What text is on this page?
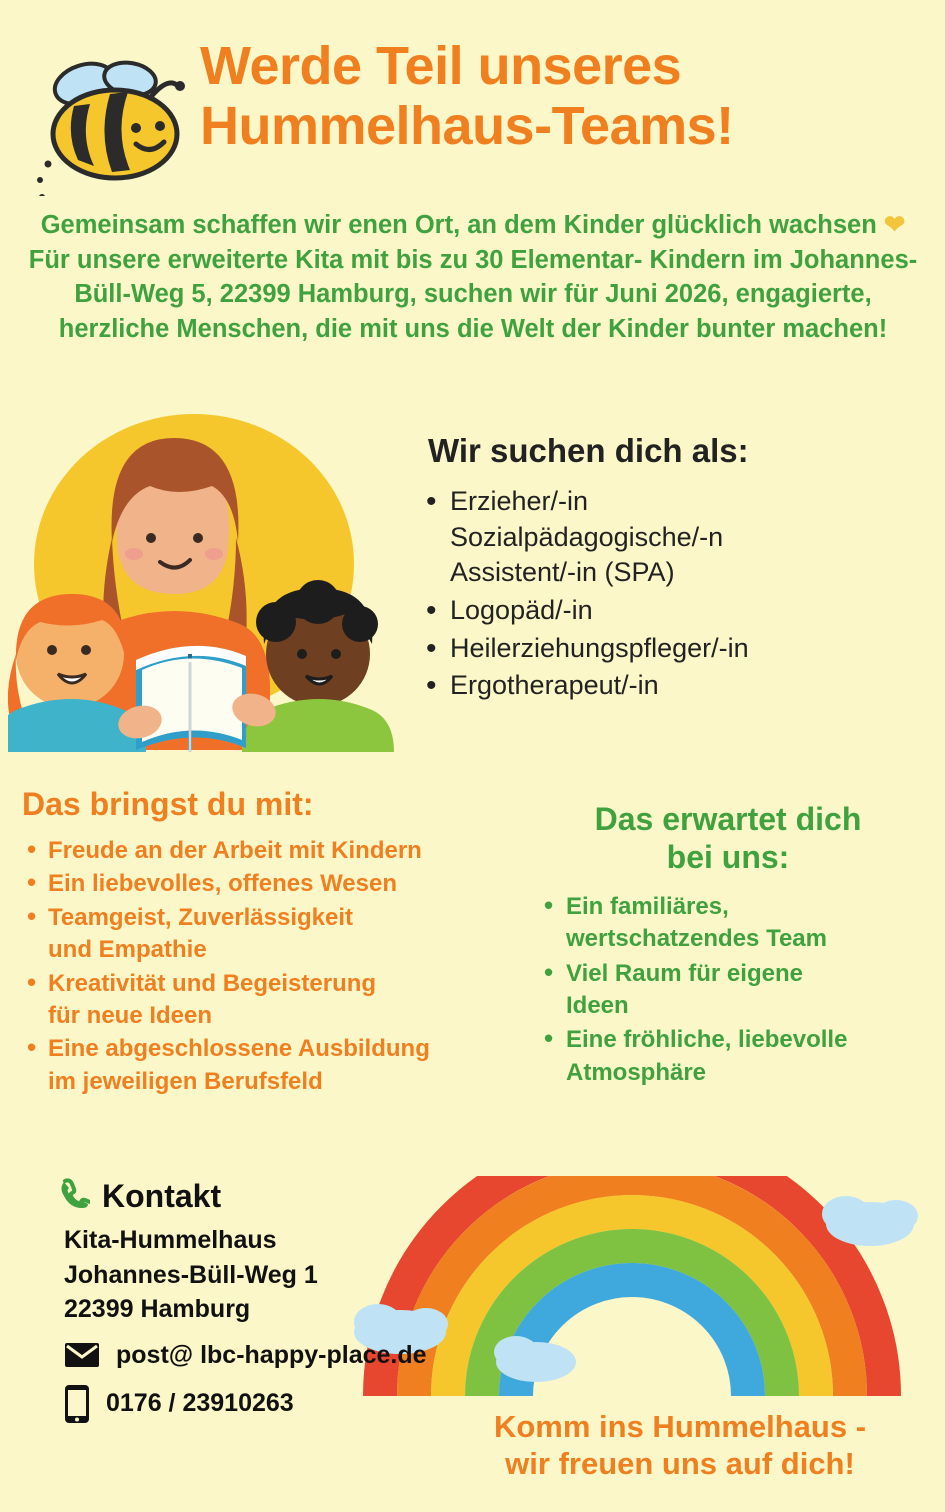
Werde Teil unseres
Hummelhaus-Teams!

Gemeinsam schaffen wir enen Ort, an dem Kinder glücklich wachsen ❤ Für unsere erweiterte Kita mit bis zu 30 Elementar- Kindern im Johannes-Büll-Weg 5, 22399 Hamburg, suchen wir für Juni 2026, engagierte, herzliche Menschen, die mit uns die Welt der Kinder bunter machen!

Wir suchen dich als:
• Erzieher/-in
Sozialpädagogische/-n
Assistent/-in (SPA)
• Logopäd/-in
• Heilerziehungspfleger/-in
• Ergotherapeut/-in
Das bringst du mit:
• Freude an der Arbeit mit Kindern
• Ein liebevolles, offenes Wesen
• Teamgeist, Zuverlässigkeit
und Empathie
• Kreativität und Begeisterung
für neue Ideen
• Eine abgeschlossene Ausbildung
im jeweiligen Berufsfeld
Das erwartet dich
bei uns:
• Ein familiäres,
wertschatzendes Team
• Viel Raum für eigene
Ideen
• Eine fröhliche, liebevolle
Atmosphäre
Kontakt
Kita-Hummelhaus
Johannes-Büll-Weg 1
22399 Hamburg
post@ lbc-happy-place.de
0176 / 23910263
Komm ins Hummelhaus -
wir freuen uns auf dich!
